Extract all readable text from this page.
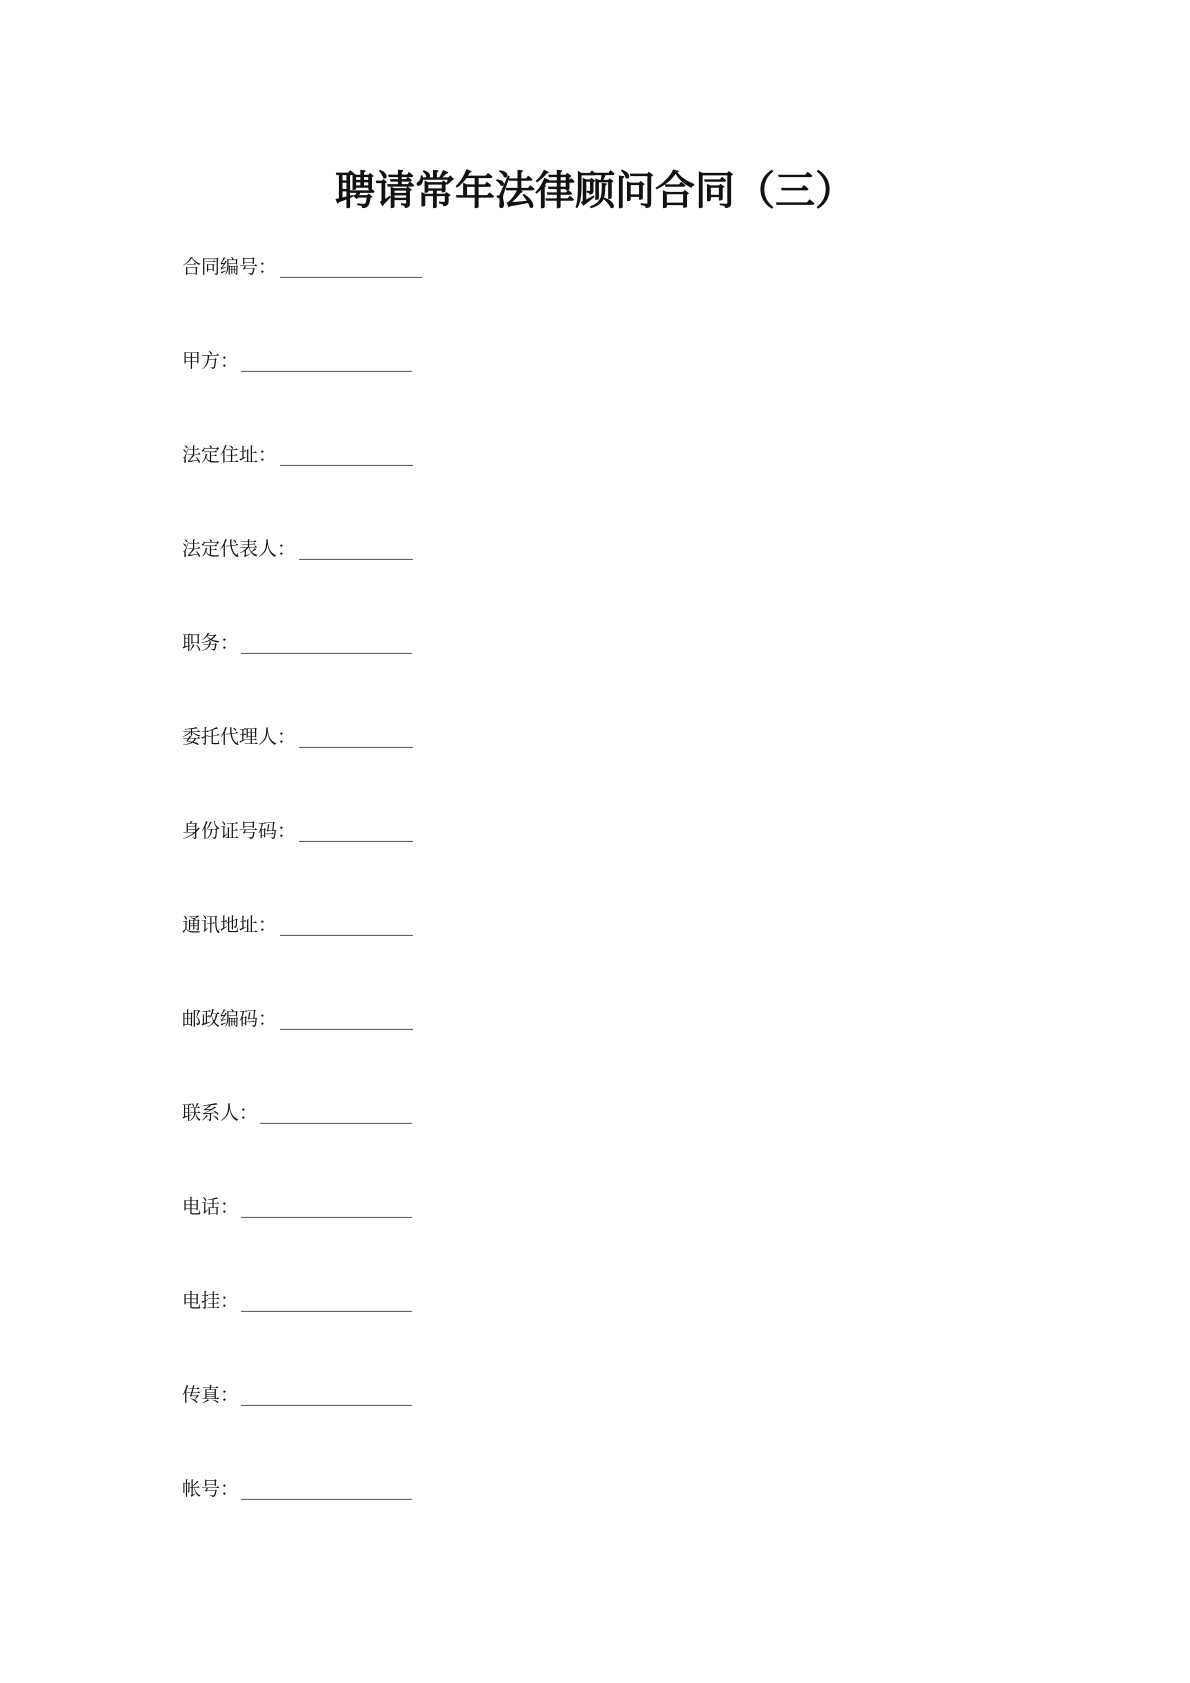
聘请常年法律顾问合同（三）
合同编号： _______________
甲方： __________________
法定住址： ______________
法定代表人： ____________
职务： __________________
委托代理人： ____________
身份证号码： ____________
通讯地址： ______________
邮政编码： ______________
联系人： ________________
电话： __________________
电挂： __________________
传真： __________________
帐号： __________________
